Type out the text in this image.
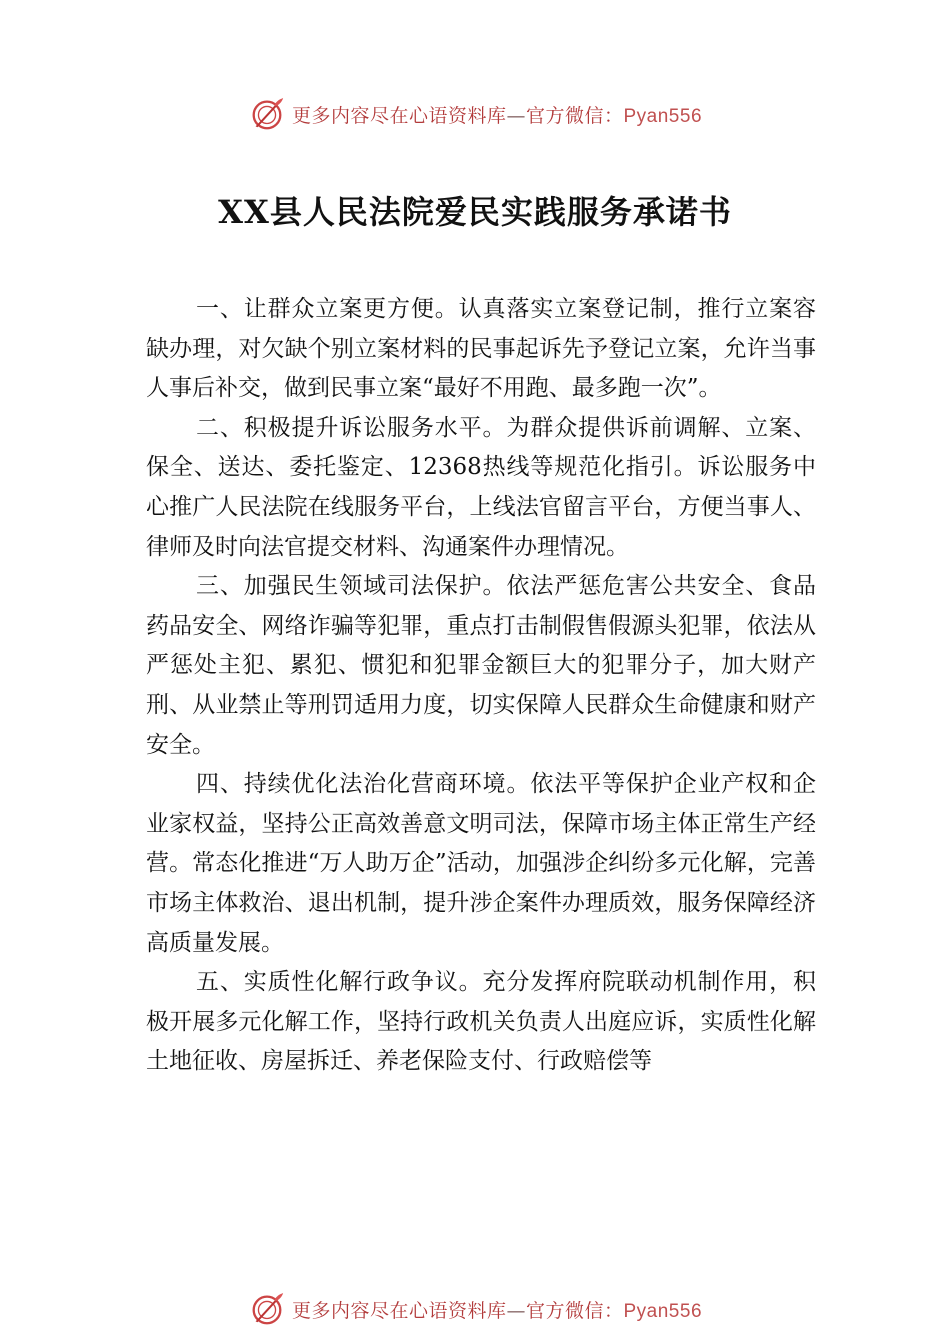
更多内容尽在心语资料库—官方微信：Pyan556
XX县人民法院爱民实践服务承诺书

一、让群众立案更方便。认真落实立案登记制，推行立案容缺办理，对欠缺个别立案材料的民事起诉先予登记立案，允许当事人事后补交，做到民事立案“最好不用跑、最多跑一次”。

二、积极提升诉讼服务水平。为群众提供诉前调解、立案、保全、送达、委托鉴定、12368热线等规范化指引。诉讼服务中心推广人民法院在线服务平台，上线法官留言平台，方便当事人、律师及时向法官提交材料、沟通案件办理情况。

三、加强民生领域司法保护。依法严惩危害公共安全、食品药品安全、网络诈骗等犯罪，重点打击制假售假源头犯罪，依法从严惩处主犯、累犯、惯犯和犯罪金额巨大的犯罪分子，加大财产刑、从业禁止等刑罚适用力度，切实保障人民群众生命健康和财产安全。

四、持续优化法治化营商环境。依法平等保护企业产权和企业家权益，坚持公正高效善意文明司法，保障市场主体正常生产经营。常态化推进“万人助万企”活动，加强涉企纠纷多元化解，完善市场主体救治、退出机制，提升涉企案件办理质效，服务保障经济高质量发展。

五、实质性化解行政争议。充分发挥府院联动机制作用，积极开展多元化解工作，坚持行政机关负责人出庭应诉，实质性化解土地征收、房屋拆迁、养老保险支付、行政赔偿等

更多内容尽在心语资料库—官方微信：Pyan556
